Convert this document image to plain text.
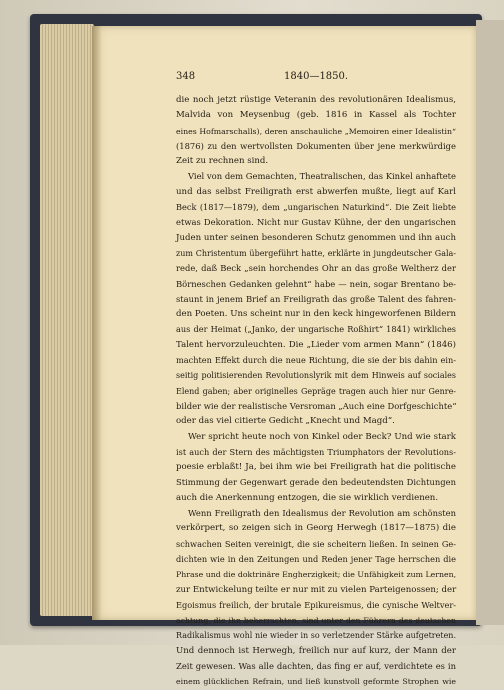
348	1840—1850.
die noch jetzt rüstige Veteranin des revolutionären Idealismus,
Malvida von Meysenbug (geb. 1816 in Kassel als Tochter
eines Hofmarschalls), deren anschauliche „Memoiren einer Idealistin“
(1876) zu den wertvollsten Dokumenten über jene merkwürdige
Zeit zu rechnen sind.
Viel von dem Gemachten, Theatralischen, das Kinkel anhaftete
und das selbst Freiligrath erst abwerfen mußte, liegt auf Karl
Beck (1817—1879), dem „ungarischen Naturkind“. Die Zeit liebte
etwas Dekoration. Nicht nur Gustav Kühne, der den ungarischen
Juden unter seinen besonderen Schutz genommen und ihn auch
zum Christentum übergeführt hatte, erklärte in jungdeutscher Gala-
rede, daß Beck „sein horchendes Ohr an das große Weltherz der
Börneschen Gedanken gelehnt“ habe — nein, sogar Brentano be-
staunt in jenem Brief an Freiligrath das große Talent des fahren-
den Poeten. Uns scheint nur in den keck hingeworfenen Bildern
aus der Heimat („Janko, der ungarische Roßhirt“ 1841) wirkliches
Talent hervorzuleuchten. Die „Lieder vom armen Mann“ (1846)
machten Effekt durch die neue Richtung, die sie der bis dahin ein-
seitig politisierenden Revolutionslyrik mit dem Hinweis auf sociales
Elend gaben; aber originelles Gepräge tragen auch hier nur Genre-
bilder wie der realistische Versroman „Auch eine Dorfgeschichte“
oder das viel citierte Gedicht „Knecht und Magd“.
Wer spricht heute noch von Kinkel oder Beck? Und wie stark
ist auch der Stern des mächtigsten Triumphators der Revolutions-
poesie erblaßt! Ja, bei ihm wie bei Freiligrath hat die politische
Stimmung der Gegenwart gerade den bedeutendsten Dichtungen
auch die Anerkennung entzogen, die sie wirklich verdienen.
Wenn Freiligrath den Idealismus der Revolution am schönsten
verkörpert, so zeigen sich in Georg Herwegh (1817—1875) die
schwachen Seiten vereinigt, die sie scheitern ließen. In seinen Ge-
dichten wie in den Zeitungen und Reden jener Tage herrschen die
Phrase und die doktrinäre Engherzigkeit; die Unfähigkeit zum Lernen,
zur Entwickelung teilte er nur mit zu vielen Parteigenossen; der
Egoismus freilich, der brutale Epikureismus, die cynische Weltver-
achtung, die ihn beherrschten, sind unter den Führern des deutschen
Radikalismus wohl nie wieder in so verletzender Stärke aufgetreten.
Und dennoch ist Herwegh, freilich nur auf kurz, der Mann der
Zeit gewesen. Was alle dachten, das fing er auf, verdichtete es in
einem glücklichen Refrain, und ließ kunstvoll geformte Strophen wie
